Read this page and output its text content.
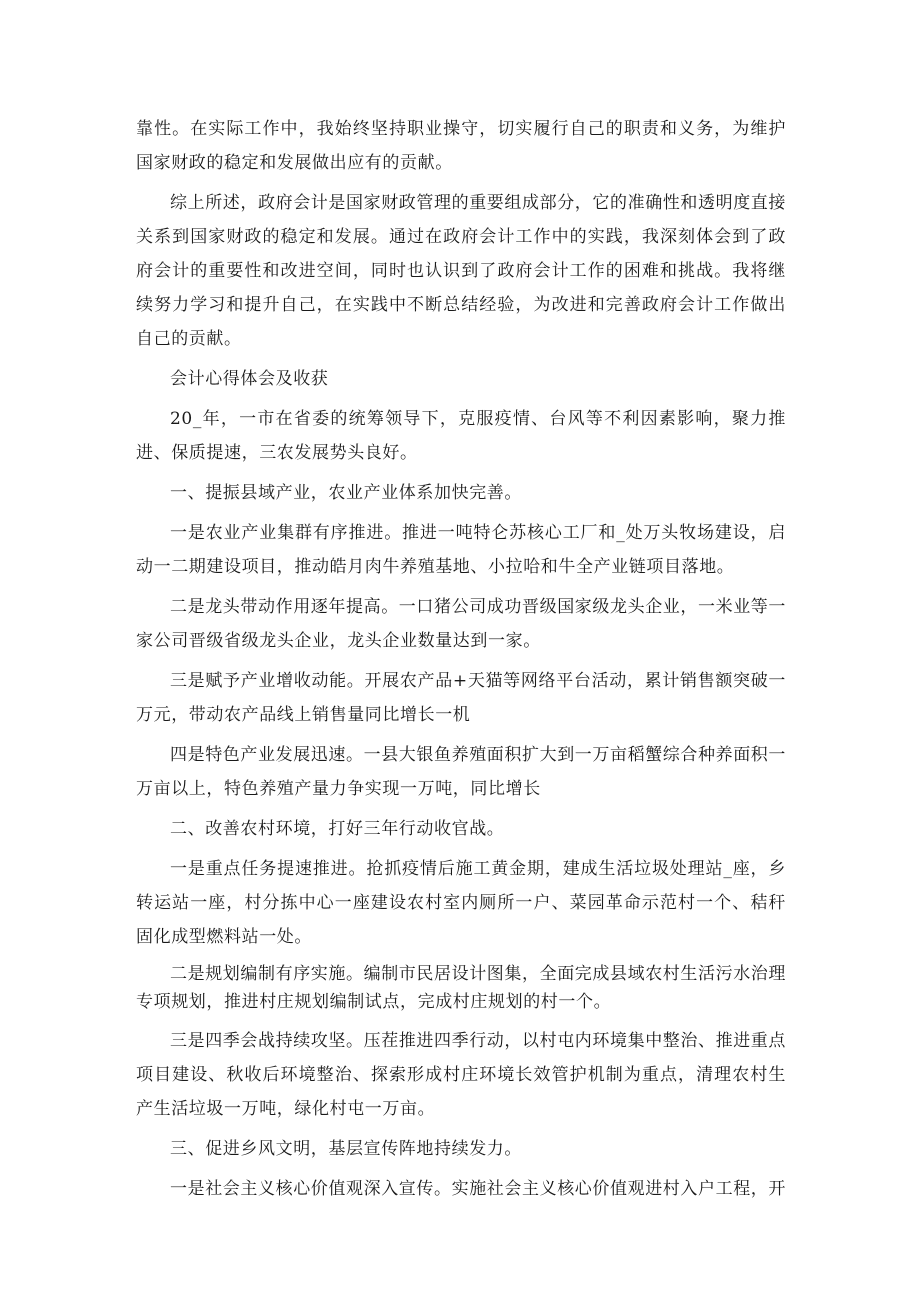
靠性。在实际工作中，我始终坚持职业操守，切实履行自己的职责和义务，为维护国家财政的稳定和发展做出应有的贡献。

综上所述，政府会计是国家财政管理的重要组成部分，它的准确性和透明度直接关系到国家财政的稳定和发展。通过在政府会计工作中的实践，我深刻体会到了政府会计的重要性和改进空间，同时也认识到了政府会计工作的困难和挑战。我将继续努力学习和提升自己，在实践中不断总结经验，为改进和完善政府会计工作做出自己的贡献。

会计心得体会及收获

20_年，一市在省委的统筹领导下，克服疫情、台风等不利因素影响，聚力推进、保质提速，三农发展势头良好。

一、提振县域产业，农业产业体系加快完善。

一是农业产业集群有序推进。推进一吨特仑苏核心工厂和_处万头牧场建设，启动一二期建设项目，推动皓月肉牛养殖基地、小拉哈和牛全产业链项目落地。

二是龙头带动作用逐年提高。一口猪公司成功晋级国家级龙头企业，一米业等一家公司晋级省级龙头企业，龙头企业数量达到一家。

三是赋予产业增收动能。开展农产品+天猫等网络平台活动，累计销售额突破一万元，带动农产品线上销售量同比增长一机

四是特色产业发展迅速。一县大银鱼养殖面积扩大到一万亩稻蟹综合种养面积一万亩以上，特色养殖产量力争实现一万吨，同比增长

二、改善农村环境，打好三年行动收官战。

一是重点任务提速推进。抢抓疫情后施工黄金期，建成生活垃圾处理站_座，乡转运站一座，村分拣中心一座建设农村室内厕所一户、菜园革命示范村一个、秸秆固化成型燃料站一处。

二是规划编制有序实施。编制市民居设计图集，全面完成县域农村生活污水治理专项规划，推进村庄规划编制试点，完成村庄规划的村一个。

三是四季会战持续攻坚。压茬推进四季行动，以村屯内环境集中整治、推进重点项目建设、秋收后环境整治、探索形成村庄环境长效管护机制为重点，清理农村生产生活垃圾一万吨，绿化村屯一万亩。

三、促进乡风文明，基层宣传阵地持续发力。

一是社会主义核心价值观深入宣传。实施社会主义核心价值观进村入户工程，开
